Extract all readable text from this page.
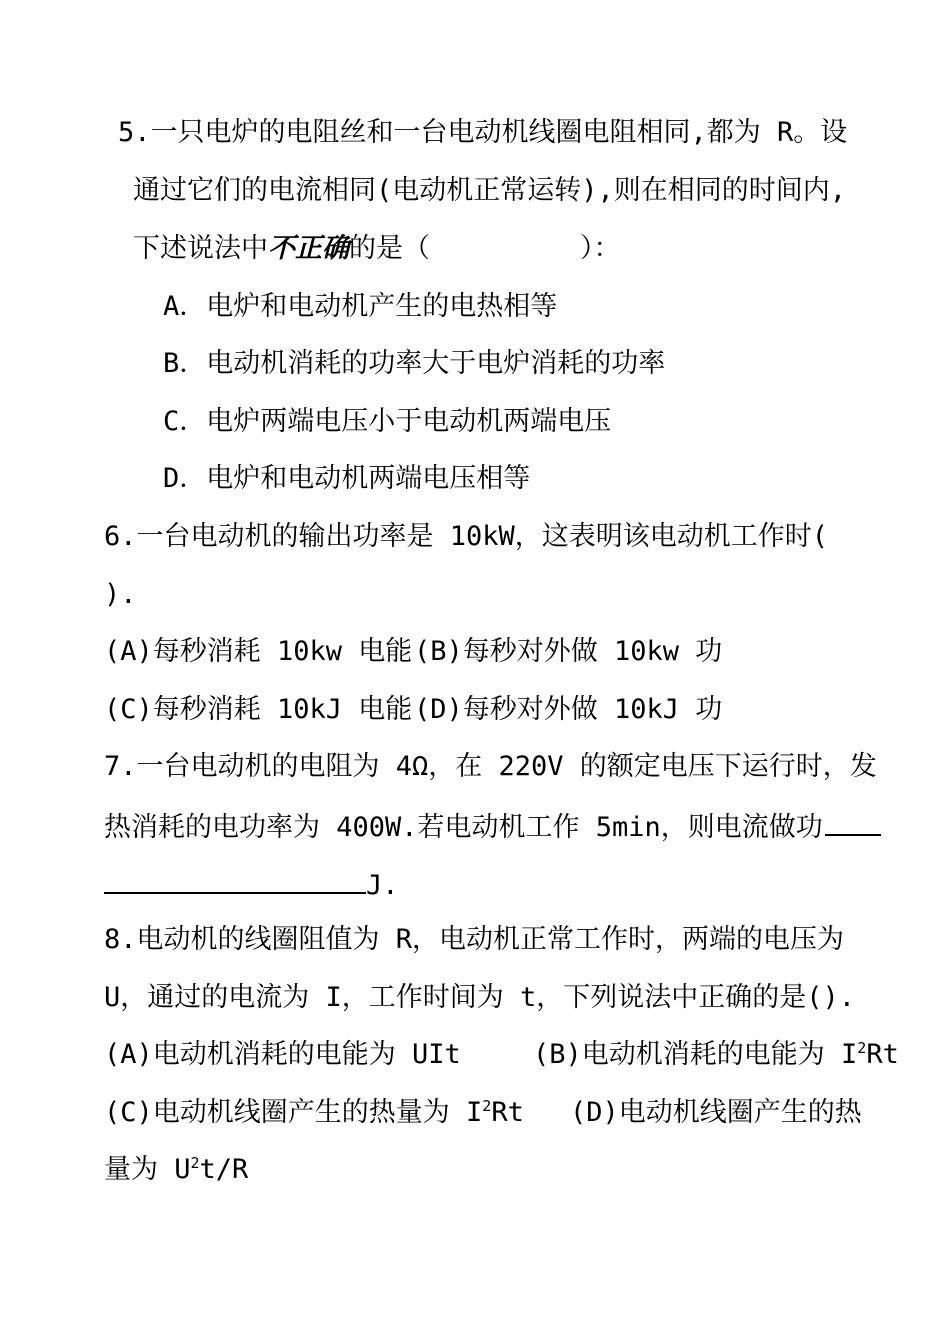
5.一只电炉的电阻丝和一台电动机线圈电阻相同,都为 R。设
通过它们的电流相同(电动机正常运转),则在相同的时间内,
下述说法中不正确的是（	）：
A．电炉和电动机产生的电热相等
B．电动机消耗的功率大于电炉消耗的功率
C．电炉两端电压小于电动机两端电压
D．电炉和电动机两端电压相等
6.一台电动机的输出功率是 10kW，这表明该电动机工作时(
).
(A)每秒消耗 10kw 电能 (B)每秒对外做 10kw 功
(C)每秒消耗 10kJ 电能 (D)每秒对外做 10kJ 功
7.一台电动机的电阻为 4Ω，在 220V 的额定电压下运行时，发
热消耗的电功率为 400W.若电动机工作 5min，则电流做功
J.
8.电动机的线圈阻值为 R，电动机正常工作时，两端的电压为
U，通过的电流为 I，工作时间为 t，下列说法中正确的是().
(A)电动机消耗的电能为 UIt	(B)电动机消耗的电能为 $I^2Rt$
(C)电动机线圈产生的热量为 $I^2Rt$ (D)电动机线圈产生的热
量为 $U^2t/R$
